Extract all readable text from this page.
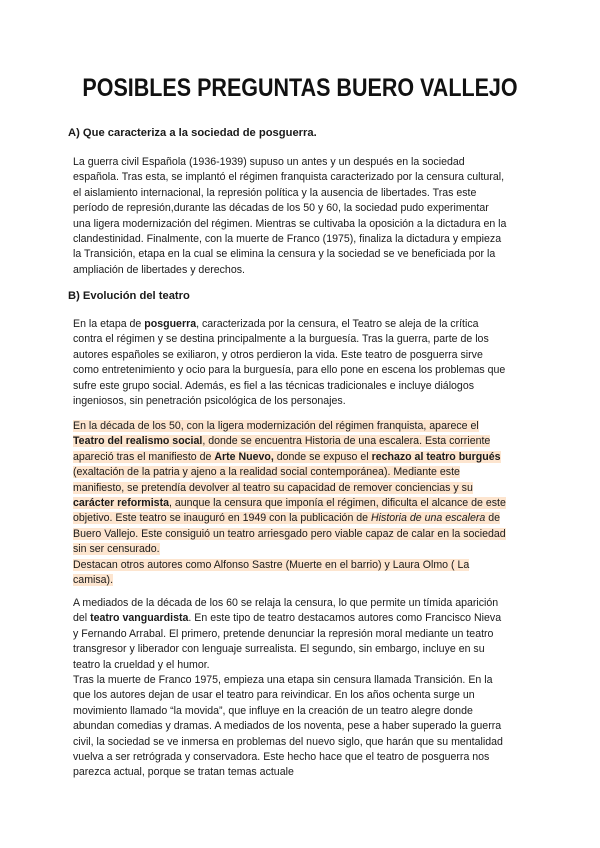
POSIBLES PREGUNTAS BUERO VALLEJO
A) Que caracteriza a la sociedad de posguerra.
La guerra civil Española (1936-1939) supuso un antes y un después en la sociedad
española. Tras esta, se implantó el régimen franquista caracterizado por la censura cultural,
el aislamiento internacional, la represión política y la ausencia de libertades. Tras este
período de represión,durante las décadas de los 50 y 60, la sociedad pudo experimentar
una ligera modernización del régimen. Mientras se cultivaba la oposición a la dictadura en la
clandestinidad. Finalmente, con la muerte de Franco (1975), finaliza la dictadura y empieza
la Transición, etapa en la cual se elimina la censura y la sociedad se ve beneficiada por la
ampliación de libertades y derechos.
B) Evolución del teatro
En la etapa de posguerra, caracterizada por la censura, el Teatro se aleja de la crítica
contra el régimen y se destina principalmente a la burguesía. Tras la guerra, parte de los
autores españoles se exiliaron, y otros perdieron la vida. Este teatro de posguerra sirve
como entretenimiento y ocio para la burguesía, para ello pone en escena los problemas que
sufre este grupo social. Además, es fiel a las técnicas tradicionales e incluye diálogos
ingeniosos, sin penetración psicológica de los personajes.
En la década de los 50, con la ligera modernización del régimen franquista, aparece el
Teatro del realismo social, donde se encuentra Historia de una escalera. Esta corriente
apareció tras el manifiesto de Arte Nuevo, donde se expuso el rechazo al teatro burgués
(exaltación de la patria y ajeno a la realidad social contemporánea). Mediante este
manifiesto, se pretendía devolver al teatro su capacidad de remover conciencias y su
carácter reformista, aunque la censura que imponía el régimen, dificulta el alcance de este
objetivo. Este teatro se inauguró en 1949 con la publicación de Historia de una escalera de
Buero Vallejo. Este consiguió un teatro arriesgado pero viable capaz de calar en la sociedad
sin ser censurado.
Destacan otros autores como Alfonso Sastre (Muerte en el barrio) y Laura Olmo ( La
camisa).
A mediados de la década de los 60 se relaja la censura, lo que permite un tímida aparición
del teatro vanguardista. En este tipo de teatro destacamos autores como Francisco Nieva
y Fernando Arrabal. El primero, pretende denunciar la represión moral mediante un teatro
transgresor y liberador con lenguaje surrealista. El segundo, sin embargo, incluye en su
teatro la crueldad y el humor.
Tras la muerte de Franco 1975, empieza una etapa sin censura llamada Transición. En la
que los autores dejan de usar el teatro para reivindicar. En los años ochenta surge un
movimiento llamado “la movida”, que influye en la creación de un teatro alegre donde
abundan comedias y dramas. A mediados de los noventa, pese a haber superado la guerra
civil, la sociedad se ve inmersa en problemas del nuevo siglo, que harán que su mentalidad
vuelva a ser retrógrada y conservadora. Este hecho hace que el teatro de posguerra nos
parezca actual, porque se tratan temas actuale
